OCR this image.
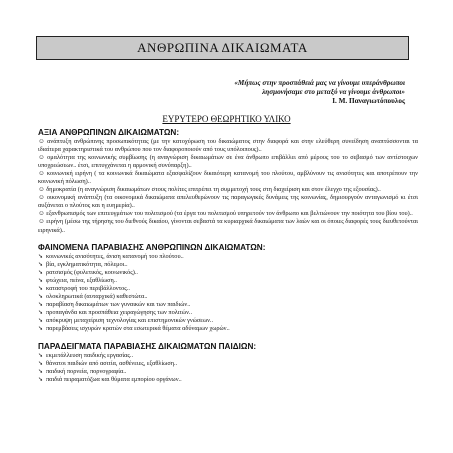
ΑΝΘΡΩΠΙΝΑ ΔΙΚΑΙΩΜΑΤΑ
«Μήπως στην προσπάθειά μας να γίνουμε υπεράνθρωποι
λησμονήσαμε στο μεταξύ να γίνουμε άνθρωποι»
Ι. Μ. Παναγιωτόπουλος
ΕΥΡΥΤΕΡΟ ΘΕΩΡΗΤΙΚΟ ΥΛΙΚΟ
ΑΞΙΑ ΑΝΘΡΩΠΙΝΩΝ ΔΙΚΑΙΩΜΑΤΩΝ:
☺ ανάπτυξη ανθρώπινης προσωπικότητας (με την κατοχύρωση του δικαιώματος στην διαφορά και στην ελεύθερη συνείδηση αναπτύσσονται τα ιδιαίτερα χαρακτηριστικά του ανθρώπου που τον διαφοροποιούν από τους υπόλοιπους)..
☺ ομαλότητα της κοινωνικής συμβίωσης (η αναγνώριση δικαιωμάτων σε ένα άνθρωπο επιβάλλει από μέρους του το σεβασμό των αντίστοιχων υποχρεώσεων.. έτσι, επιτυγχάνεται η αρμονική συνύπαρξη)..
☺ κοινωνική ειρήνη ( τα κοινωνικά δικαιώματα εξασφαλίζουν δικαιότερη κατανομή του πλούτου, αμβλύνουν τις ανισότητες και αποτρέπουν την κοινωνική πόλωση)..
☺ δημοκρατία (η αναγνώριση δικαιωμάτων στους πολίτες επιτρέπει τη συμμετοχή τους στη διαχείριση και στον έλεγχο της εξουσίας)..
☺ οικονομική ανάπτυξη (τα οικονομικά δικαιώματα απελευθερώνουν τις παραγωγικές δυνάμεις της κοινωνίας, δημιουργούν ανταγωνισμό κι έτσι αυξάνεται ο πλούτος και η ευημερία)..
☺ εξανθρωπισμός των επιτευγμάτων του πολιτισμού (τα έργα του πολιτισμού υπηρετούν τον άνθρωπο και βελτιώνουν την ποιότητα του βίου του)..
☺ ειρήνη (μέσω της τήρησης του διεθνούς δικαίου, γίνονται σεβαστά τα κυριαρχικά δικαιώματα των λαών και οι όποιες διαφορές τους διευθετούνται ειρηνικά)..
ΦΑΙΝΟΜΕΝΑ ΠΑΡΑΒΙΑΣΗΣ ΑΝΘΡΩΠΙΝΩΝ ΔΙΚΑΙΩΜΑΤΩΝ:
➘ κοινωνικές ανισότητες, άνιση κατανομή του πλούτου..
➘ βία, εγκληματικότητα, πόλεμοι..
➘ ρατσισμός (φυλετικός, κοινωνικός)..
➘ φτώχεια, πείνα, εξαθλίωση..
➘ καταστροφή του περιβάλλοντος..
➘ ολοκληρωτικά (αυταρχικά) καθεστώτα..
➘ παραβίαση δικαιωμάτων των γυναικών και των παιδιών..
➘ προπαγάνδα και προσπάθεια χειραγώγησης των πολιτών..
➘ απόκρυψη μεταχείριση τεχνολογίας και επιστημονικών γνώσεων..
➘ παρεμβάσεις ισχυρών κρατών στα εσωτερικά θέματα αδύναμων χωρών..
ΠΑΡΑΔΕΙΓΜΑΤΑ ΠΑΡΑΒΙΑΣΗΣ ΔΙΚΑΙΩΜΑΤΩΝ ΠΑΙΔΙΩΝ:
➘ εκμετάλλευση παιδικής εργασίας..
➘ θάνατοι παιδιών από ασιτία, ασθένειες, εξαθλίωση..
➘ παιδική πορνεία, πορνογραφία..
➘ παιδιά πειραματόζωα και θύματα εμπορίου οργάνων..
